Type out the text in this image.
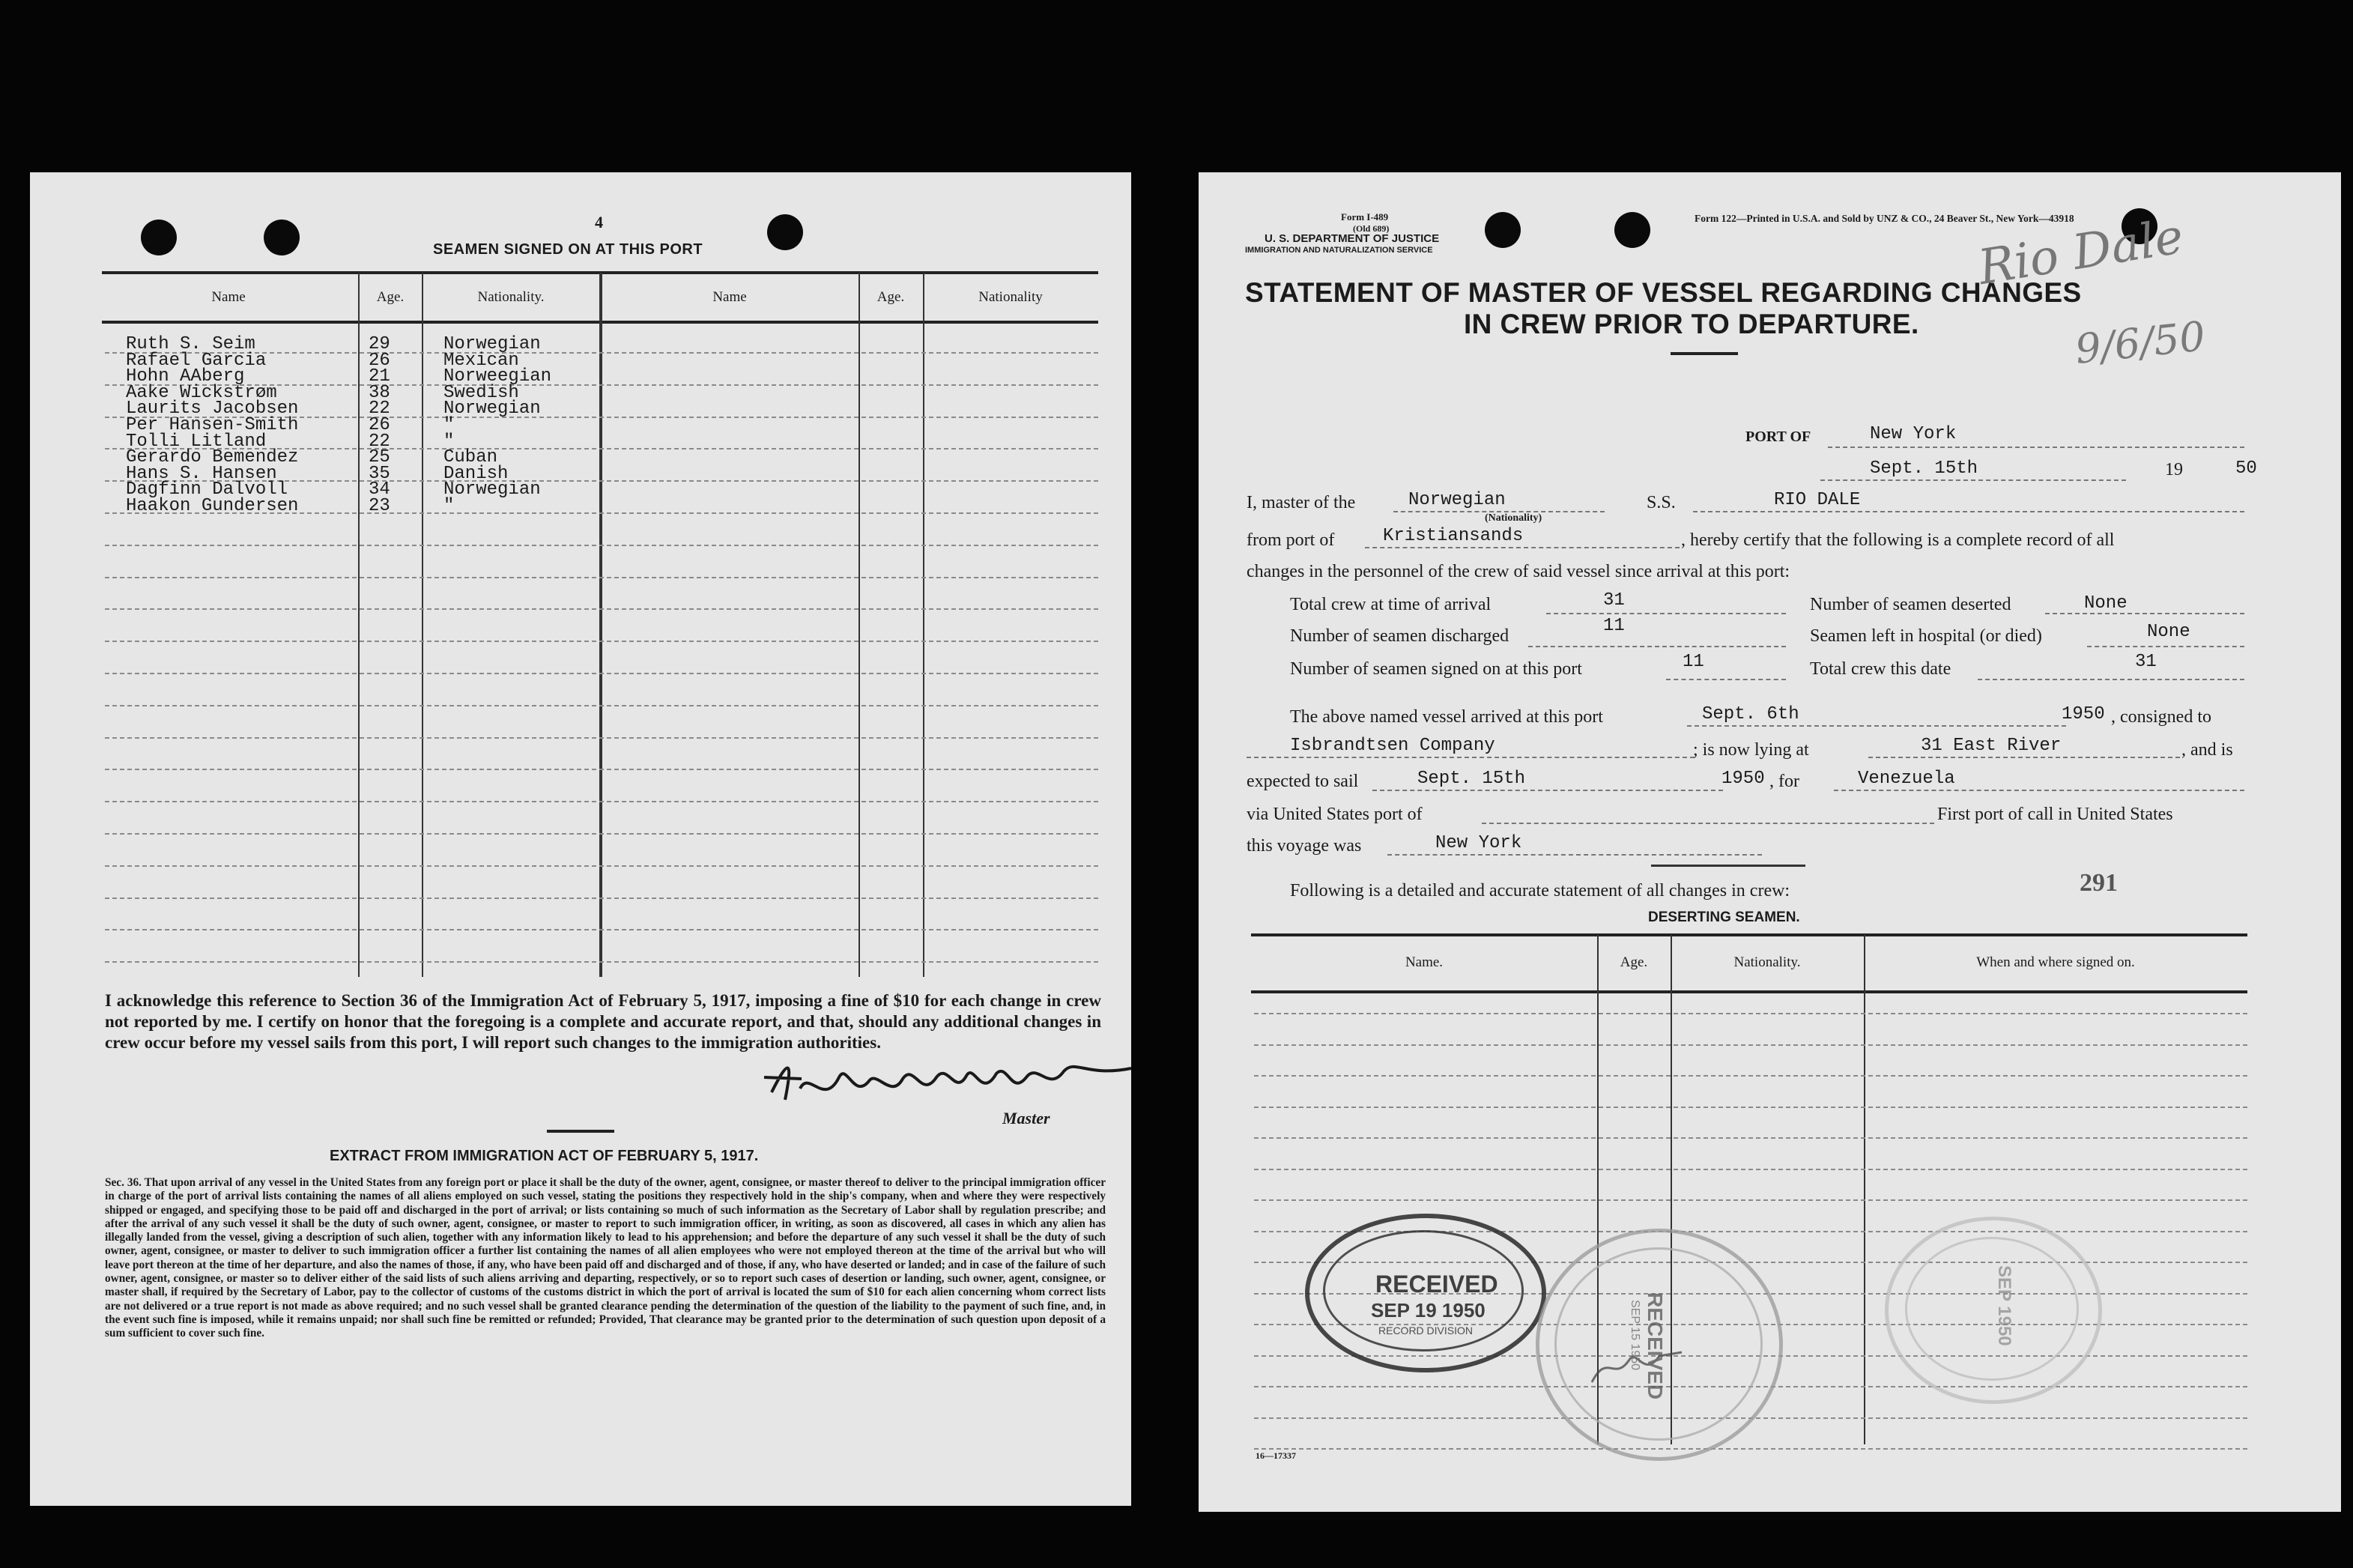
4
SEAMEN SIGNED ON AT THIS PORT
Name	Age.	Nationality.	Name	Age.	Nationality
Ruth S. Seim	29	Norwegian
Rafael Garcia	26	Mexican
Hohn AAberg	21	Norweegian
Aake Wickstrøm	38	Swedish
Laurits Jacobsen	22	Norwegian
Per Hansen-Smith	26	"
Tolli Litland	22	"
Gerardo Bemendez	25	Cuban
Hans S. Hansen	35	Danish
Dagfinn Dalvoll	34	Norwegian
Haakon Gundersen	23	"
I acknowledge this reference to Section 36 of the Immigration Act of February 5, 1917, imposing a fine of $10 for each change in crew not reported by me. I certify on honor that the foregoing is a complete and accurate report, and that, should any additional changes in crew occur before my vessel sails from this port, I will report such changes to the immigration authorities.
Master
EXTRACT FROM IMMIGRATION ACT OF FEBRUARY 5, 1917.
Sec. 36. That upon arrival of any vessel in the United States from any foreign port or place it shall be the duty of the owner, agent, consignee, or master thereof to deliver to the principal immigration officer in charge of the port of arrival lists containing the names of all aliens employed on such vessel, stating the positions they respectively hold in the ship's company, when and where they were respectively shipped or engaged, and specifying those to be paid off and discharged in the port of arrival; or lists containing so much of such information as the Secretary of Labor shall by regulation prescribe; and after the arrival of any such vessel it shall be the duty of such owner, agent, consignee, or master to report to such immigration officer, in writing, as soon as discovered, all cases in which any alien has illegally landed from the vessel, giving a description of such alien, together with any information likely to lead to his apprehension; and before the departure of any such vessel it shall be the duty of such owner, agent, consignee, or master to deliver to such immigration officer a further list containing the names of all alien employees who were not employed thereon at the time of the arrival but who will leave port thereon at the time of her departure, and also the names of those, if any, who have been paid off and discharged and of those, if any, who have deserted or landed; and in case of the failure of such owner, agent, consignee, or master so to deliver either of the said lists of such aliens arriving and departing, respectively, or so to report such cases of desertion or landing, such owner, agent, consignee, or master shall, if required by the Secretary of Labor, pay to the collector of customs of the customs district in which the port of arrival is located the sum of $10 for each alien concerning whom correct lists are not delivered or a true report is not made as above required; and no such vessel shall be granted clearance pending the determination of the question of the liability to the payment of such fine, and, in the event such fine is imposed, while it remains unpaid; nor shall such fine be remitted or refunded; Provided, That clearance may be granted prior to the determination of such question upon deposit of a sum sufficient to cover such fine.
Form I-489
(Old 689)
U. S. DEPARTMENT OF JUSTICE
IMMIGRATION AND NATURALIZATION SERVICE
Form 122—Printed in U.S.A. and Sold by UNZ & CO., 24 Beaver St., New York—43918
Rio Dale
9/6/50
STATEMENT OF MASTER OF VESSEL REGARDING CHANGES
IN CREW PRIOR TO DEPARTURE.
PORT OF	New York
Sept. 15th	19	50
I, master of the	Norwegian
(Nationality)
S.S.	RIO DALE
from port of	Kristiansands	, hereby certify that the following is a complete record of all
changes in the personnel of the crew of said vessel since arrival at this port:
Total crew at time of arrival	31
Number of seamen discharged	11
Number of seamen signed on at this port	11
Number of seamen deserted	None
Seamen left in hospital (or died)	None
Total crew this date	31
The above named vessel arrived at this port	Sept. 6th	1950 , consigned to
Isbrandtsen Company	; is now lying at	31 East River	, and is
expected to sail	Sept. 15th	1950 , for	Venezuela
via United States port of	First port of call in United States
this voyage was	New York
Following is a detailed and accurate statement of all changes in crew:	291
DESERTING SEAMEN.
Name.	Age.	Nationality.	When and where signed on.
16—17337
RECEIVED
SEP 19 1950
RECORD DIVISION	RECEIVED
SEP 15 1950	SEP 1950
